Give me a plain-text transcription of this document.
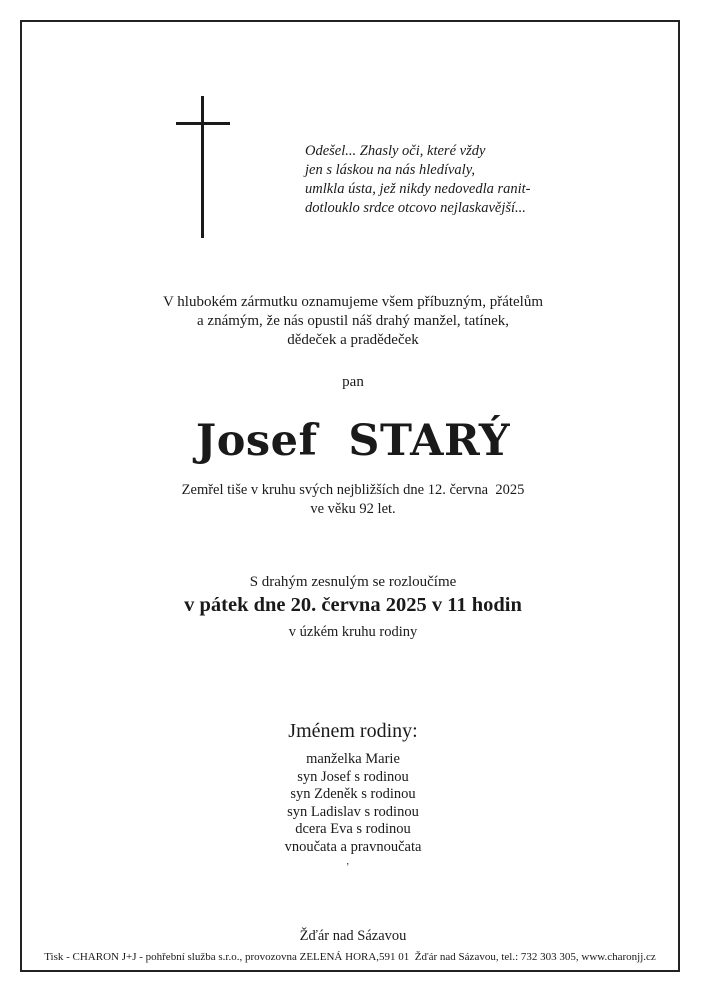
Odešel... Zhasly oči, které vždy
jen s láskou na nás hledívaly,
umlkla ústa, jež nikdy nedovedla ranit-
dotlouklo srdce otcovo nejlaskavější...
V hlubokém zármutku oznamujeme všem příbuzným, přátelům
a známým, že nás opustil náš drahý manžel, tatínek,
dědeček a pradědeček
pan
Josef  STARÝ
Zemřel tiše v kruhu svých nejbližších dne 12. června  2025
ve věku 92 let.
S drahým zesnulým se rozloučíme
v pátek dne 20. června 2025 v 11 hodin
v úzkém kruhu rodiny
Jménem rodiny:
manželka Marie
syn Josef s rodinou
syn Zdeněk s rodinou
syn Ladislav s rodinou
dcera Eva s rodinou
vnoučata a pravnoučata
ʼ
Žďár nad Sázavou
Tisk - CHARON J+J - pohřební služba s.r.o., provozovna ZELENÁ HORA,591 01  Žďár nad Sázavou, tel.: 732 303 305, www.charonjj.cz
